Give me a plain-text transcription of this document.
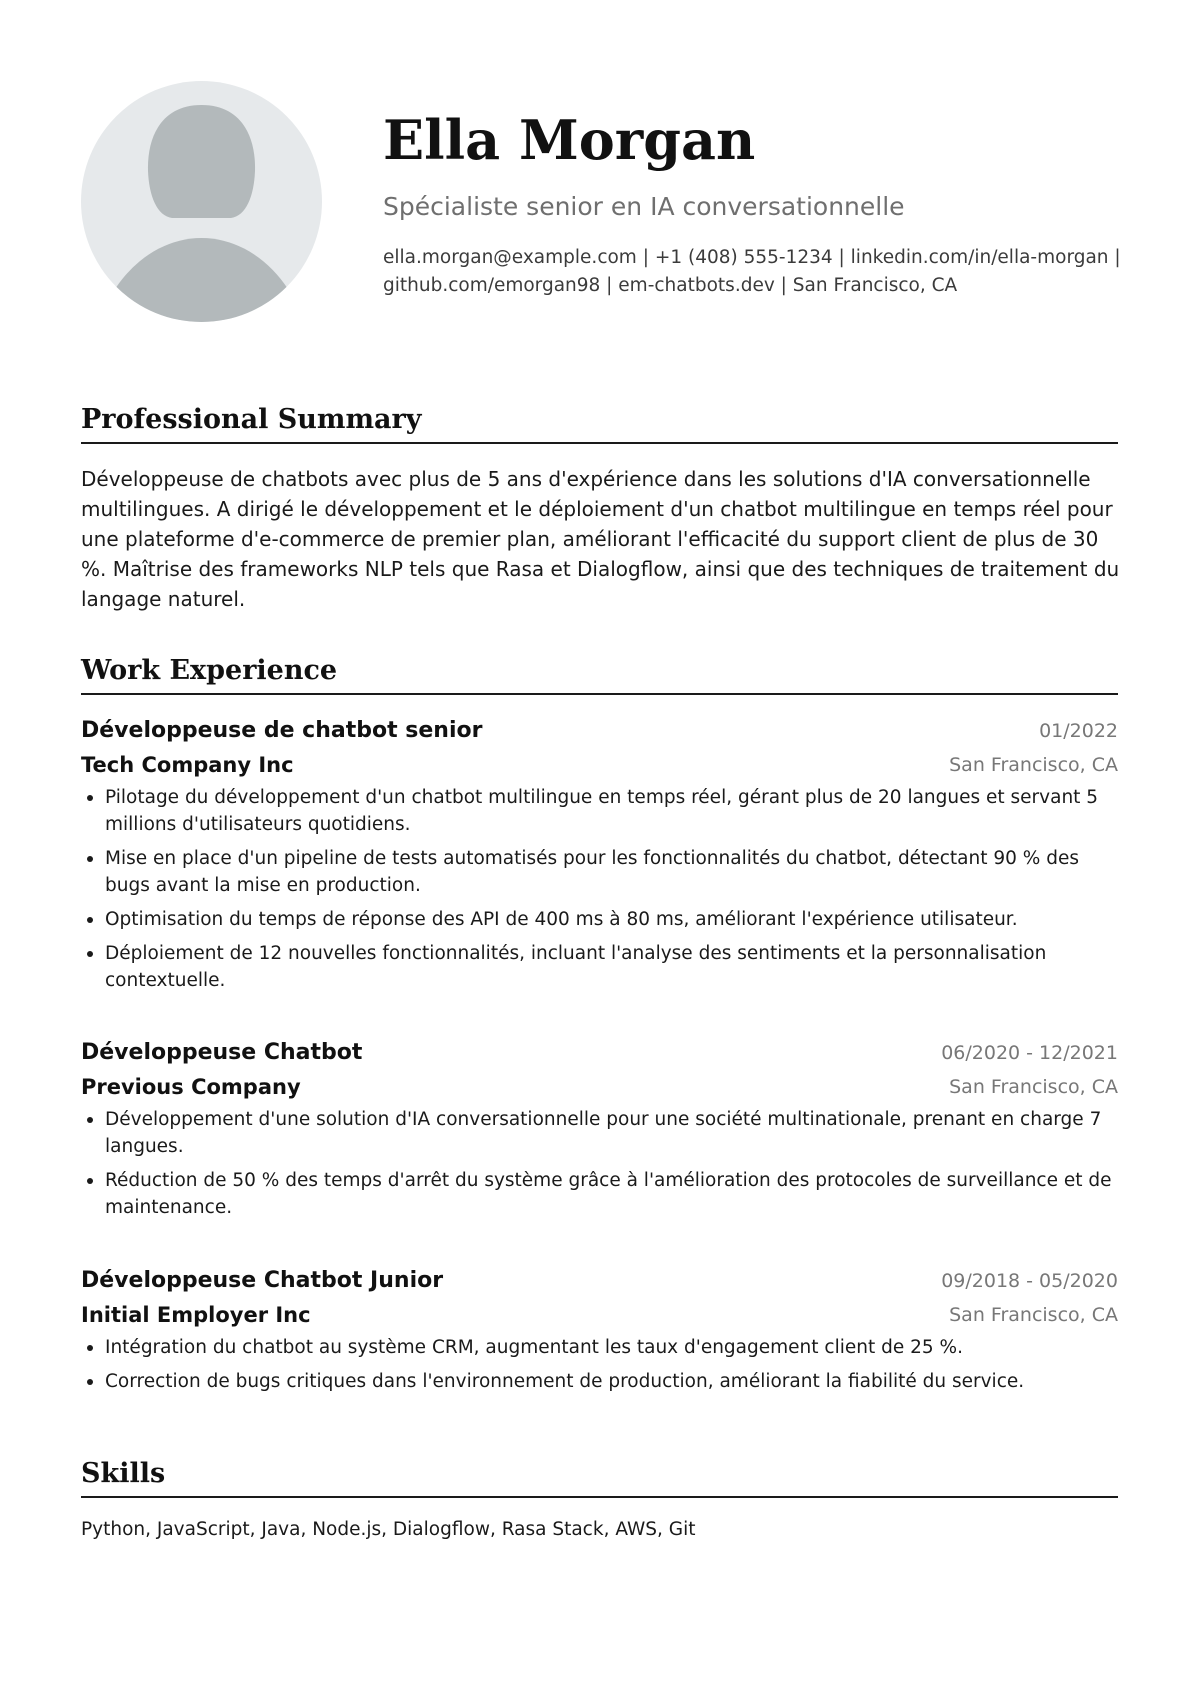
Ella Morgan
Spécialiste senior en IA conversationnelle
ella.morgan@example.com | +1 (408) 555-1234 | linkedin.com/in/ella-morgan | github.com/emorgan98 | em-chatbots.dev | San Francisco, CA
Professional Summary
Développeuse de chatbots avec plus de 5 ans d'expérience dans les solutions d'IA conversationnelle multilingues. A dirigé le développement et le déploiement d'un chatbot multilingue en temps réel pour une plateforme d'e-commerce de premier plan, améliorant l'efficacité du support client de plus de 30 %. Maîtrise des frameworks NLP tels que Rasa et Dialogflow, ainsi que des techniques de traitement du langage naturel.
Work Experience
Développeuse de chatbot senior	01/2022
Tech Company Inc	San Francisco, CA
Pilotage du développement d'un chatbot multilingue en temps réel, gérant plus de 20 langues et servant 5 millions d'utilisateurs quotidiens.
Mise en place d'un pipeline de tests automatisés pour les fonctionnalités du chatbot, détectant 90 % des bugs avant la mise en production.
Optimisation du temps de réponse des API de 400 ms à 80 ms, améliorant l'expérience utilisateur.
Déploiement de 12 nouvelles fonctionnalités, incluant l'analyse des sentiments et la personnalisation contextuelle.
Développeuse Chatbot	06/2020 - 12/2021
Previous Company	San Francisco, CA
Développement d'une solution d'IA conversationnelle pour une société multinationale, prenant en charge 7 langues.
Réduction de 50 % des temps d'arrêt du système grâce à l'amélioration des protocoles de surveillance et de maintenance.
Développeuse Chatbot Junior	09/2018 - 05/2020
Initial Employer Inc	San Francisco, CA
Intégration du chatbot au système CRM, augmentant les taux d'engagement client de 25 %.
Correction de bugs critiques dans l'environnement de production, améliorant la fiabilité du service.
Skills
Python, JavaScript, Java, Node.js, Dialogflow, Rasa Stack, AWS, Git
